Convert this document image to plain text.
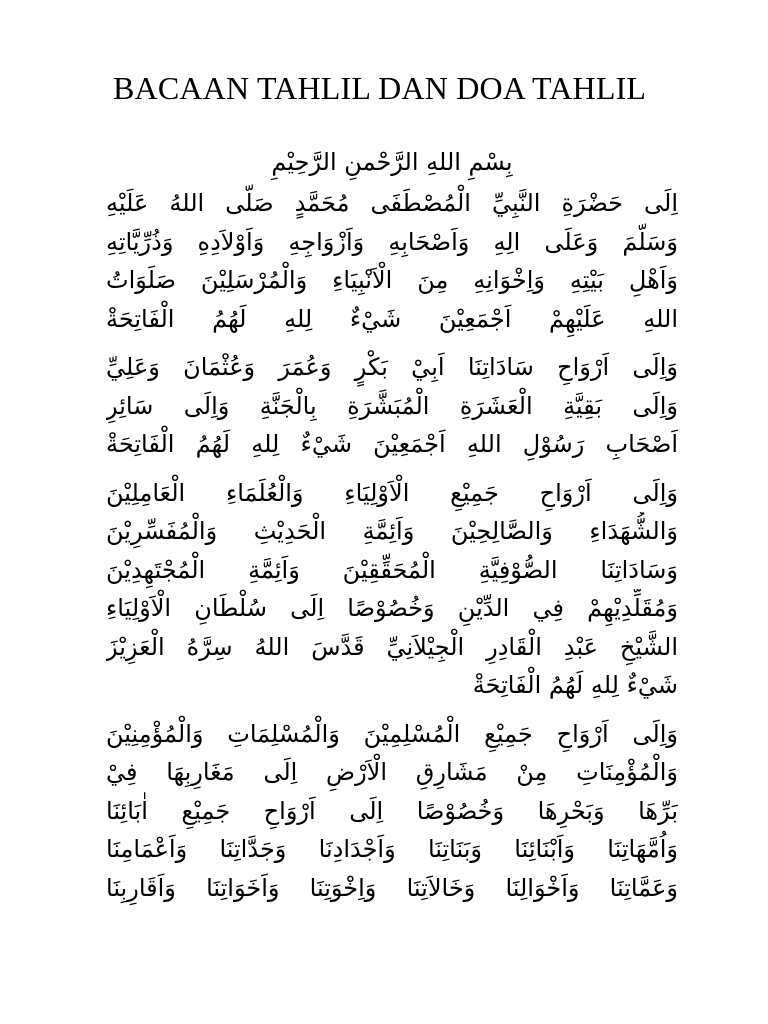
BACAAN TAHLIL DAN DOA TAHLIL

بِسْمِ اللهِ الرَّحْمنِ الرَّحِيْمِ

اِلَى حَضْرَةِ النَّبِيِّ الْمُصْطَفَى مُحَمَّدٍ صَلَّى اللهُ عَلَيْهِ
وَسَلَّمَ وَعَلَى الِهِ وَاَصْحَابِهِ وَاَزْوَاجِهِ وَاَوْلاَدِهِ وَذُرِّيَّاتِهِ
وَاَهْلِ بَيْتِهِ وَاِخْوَانِهِ مِنَ الْاَنْبِيَاءِ وَالْمُرْسَلِيْنَ صَلَوَاتُ
اللهِ عَلَيْهِمْ اَجْمَعِيْنَ شَيْءٌ لِلهِ لَهُمُ الْفَاتِحَةْ
وَاِلَى اَرْوَاحِ سَادَاتِنَا اَبِيْ بَكْرٍ وَعُمَرَ وَعُثْمَانَ وَعَلِيِّ
وَاِلَى بَقِيَّةِ الْعَشَرَةِ الْمُبَشَّرَةِ بِالْجَنَّةِ وَاِلَى سَائِرِ
اَصْحَابِ رَسُوْلِ اللهِ اَجْمَعِيْنَ شَيْءٌ لِلهِ لَهُمُ الْفَاتِحَةْ
وَاِلَى اَرْوَاحِ جَمِيْعِ الْاَوْلِيَاءِ وَالْعُلَمَاءِ الْعَامِلِيْنَ
وَالشُّهَدَاءِ وَالصَّالِحِيْنَ وَاَئِمَّةِ الْحَدِيْثِ وَالْمُفَسِّرِيْنَ
وَسَادَاتِنَا الصُّوْفِيَّةِ الْمُحَقِّقِيْنَ وَاَئِمَّةِ الْمُجْتَهِدِيْنَ
وَمُقَلِّدِيْهِمْ فِي الدِّيْنِ وَخُصُوْصًا اِلَى سُلْطَانِ الْاَوْلِيَاءِ
الشَّيْخِ عَبْدِ الْقَادِرِ الْجِيْلاَنِيِّ قَدَّسَ اللهُ سِرَّهُ الْعَزِيْزَ
شَيْءٌ لِلهِ لَهُمُ الْفَاتِحَةْ
وَاِلَى اَرْوَاحِ جَمِيْعِ الْمُسْلِمِيْنَ وَالْمُسْلِمَاتِ وَالْمُؤْمِنِيْنَ
وَالْمُؤْمِنَاتِ مِنْ مَشَارِقِ الْاَرْضِ اِلَى مَغَارِبِهَا فِيْ
بَرِّهَا وَبَحْرِهَا وَخُصُوْصًا اِلَى اَرْوَاحِ جَمِيْعِ اٰبَائِنَا
وَاُمَّهَاتِنَا وَاَبْنَائِنَا وَبَنَاتِنَا وَاَجْدَادِنَا وَجَدَّاتِنَا وَاَعْمَامِنَا
وَعَمَّاتِنَا وَاَخْوَالِنَا وَخَالاَتِنَا وَاِخْوَتِنَا وَاَخَوَاتِنَا وَاَقَارِبِنَا
